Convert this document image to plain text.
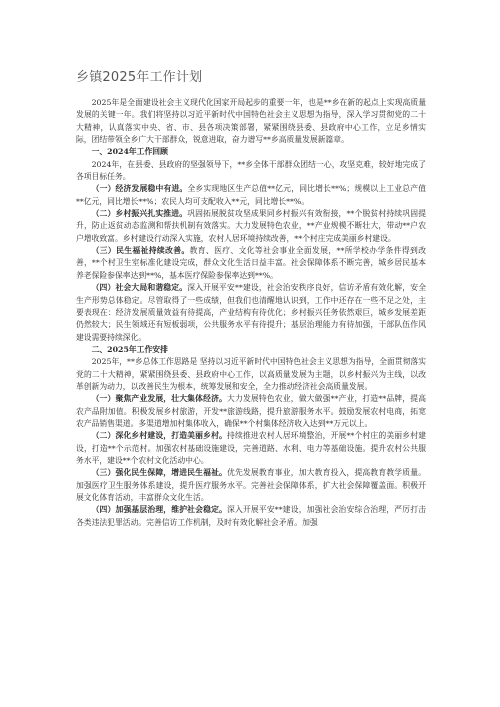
乡镇2025年工作计划

2025年是全面建设社会主义现代化国家开局起步的重要一年，也是**乡在新的起点上实现高质量发展的关键一年。我们将坚持以习近平新时代中国特色社会主义思想为指导，深入学习贯彻党的二十大精神，认真落实中央、省、市、县各项决策部署，紧紧围绕县委、县政府中心工作，立足乡情实际，团结带领全乡广大干部群众，锐意进取，奋力谱写**乡高质量发展新篇章。

一、2024年工作回顾

2024年，在县委、县政府的坚强领导下，**乡全体干部群众团结一心，攻坚克难，较好地完成了各项目标任务。

（一）经济发展稳中有进。全乡实现地区生产总值**亿元，同比增长**%；规模以上工业总产值**亿元，同比增长**%；农民人均可支配收入**元，同比增长**%。

（二）乡村振兴扎实推进。巩固拓展脱贫攻坚成果同乡村振兴有效衔接，**个脱贫村持续巩固提升，防止返贫动态监测和帮扶机制有效落实。大力发展特色农业，**产业规模不断壮大，带动**户农户增收致富。乡村建设行动深入实施，农村人居环境持续改善，**个村庄完成美丽乡村建设。

（三）民生福祉持续改善。教育、医疗、文化等社会事业全面发展，**所学校办学条件得到改善，**个村卫生室标准化建设完成，群众文化生活日益丰富。社会保障体系不断完善，城乡居民基本养老保险参保率达到**%，基本医疗保险参保率达到**%。

（四）社会大局和谐稳定。深入开展平安**建设，社会治安秩序良好，信访矛盾有效化解，安全生产形势总体稳定。尽管取得了一些成绩，但我们也清醒地认识到，工作中还存在一些不足之处，主要表现在：经济发展质量效益有待提高，产业结构有待优化；乡村振兴任务依然艰巨，城乡发展差距仍然较大；民生领域还有短板弱项，公共服务水平有待提升；基层治理能力有待加强，干部队伍作风建设需要持续深化。

二、2025年工作安排

2025年，**乡总体工作思路是 坚持以习近平新时代中国特色社会主义思想为指导，全面贯彻落实党的二十大精神，紧紧围绕县委、县政府中心工作，以高质量发展为主题，以乡村振兴为主线，以改革创新为动力，以改善民生为根本，统筹发展和安全，全力推动经济社会高质量发展。

（一）聚焦产业发展，壮大集体经济。大力发展特色农业，做大做强**产业，打造**品牌，提高农产品附加值。积极发展乡村旅游，开发**旅游线路，提升旅游服务水平。鼓励发展农村电商，拓宽农产品销售渠道。多渠道增加村集体收入，确保**个村集体经济收入达到**万元以上。

（二）深化乡村建设，打造美丽乡村。持续推进农村人居环境整治，开展**个村庄的美丽乡村建设，打造**个示范村。加强农村基础设施建设，完善道路、水利、电力等基础设施。提升农村公共服务水平，建设**个农村文化活动中心。

（三）强化民生保障，增进民生福祉。优先发展教育事业，加大教育投入，提高教育教学质量。加强医疗卫生服务体系建设，提升医疗服务水平。完善社会保障体系，扩大社会保障覆盖面。积极开展文化体育活动，丰富群众文化生活。

（四）加强基层治理，维护社会稳定。深入开展平安**建设，加强社会治安综合治理，严厉打击各类违法犯罪活动。完善信访工作机制，及时有效化解社会矛盾。加强
